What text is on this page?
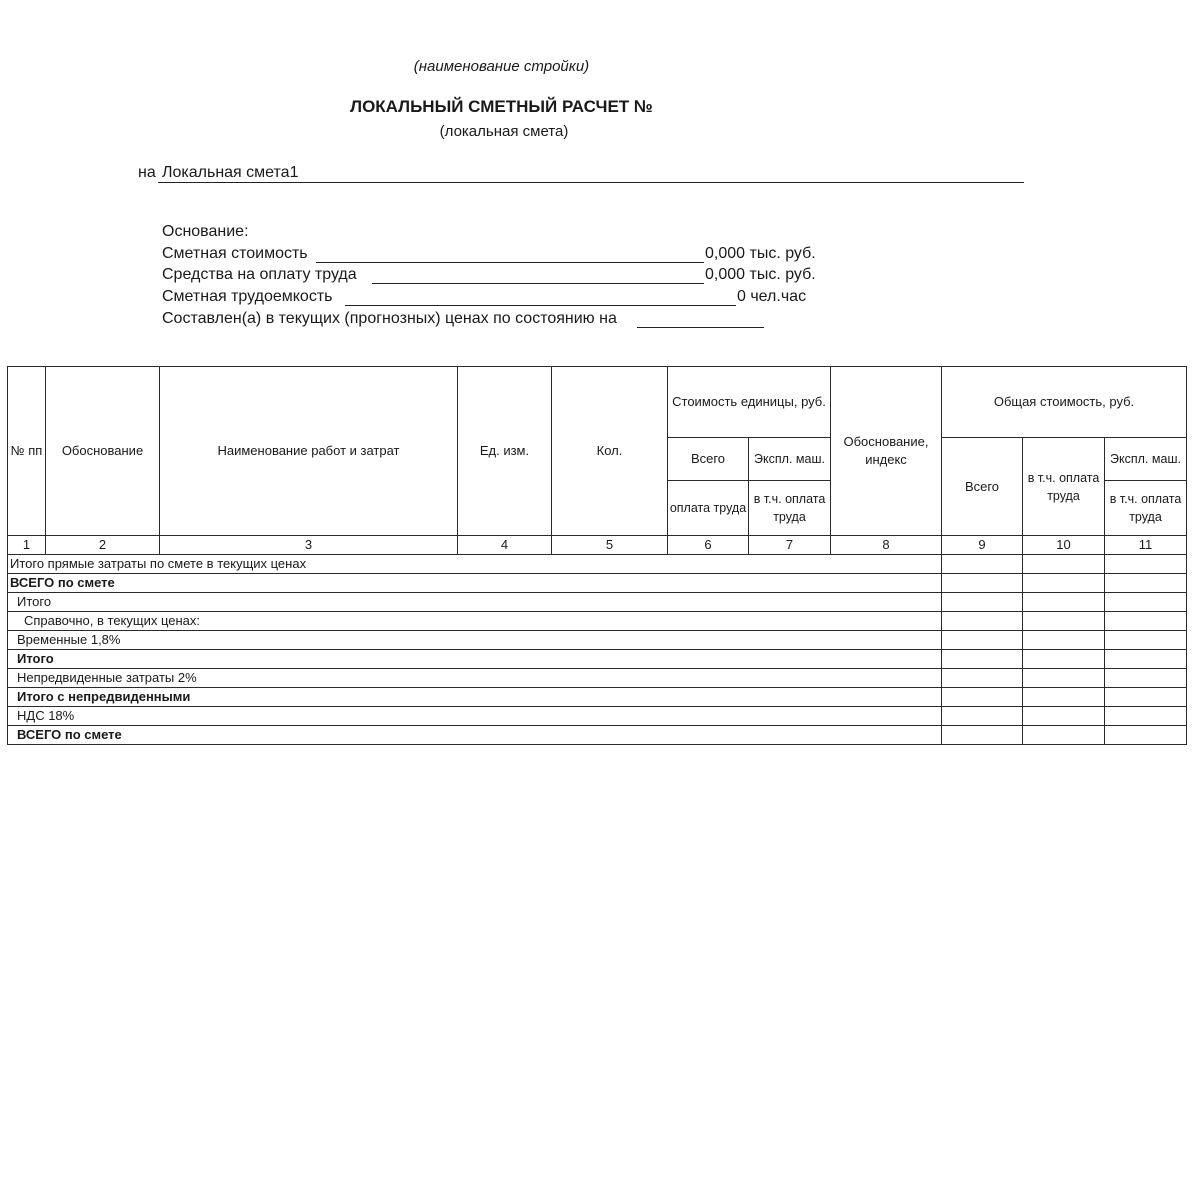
(наименование стройки)
ЛОКАЛЬНЫЙ СМЕТНЫЙ РАСЧЕТ №
(локальная смета)
на Локальная смета1
Основание:
Сметная стоимость	0,000 тыс. руб.
Средства на оплату труда	0,000 тыс. руб.
Сметная трудоемкость	0 чел.час
Составлен(а) в текущих (прогнозных) ценах по состоянию на
№ пп	Обоснование	Наименование работ и затрат	Ед. изм.	Кол.	Стоимость единицы, руб.		Обоснование, индекс	Общая стоимость, руб.		
					Всего	Экспл. маш.		Всего	в т.ч. оплата труда	Экспл. маш.
					оплата труда	в т.ч. оплата труда				в т.ч. оплата труда
1	2	3	4	5	6	7	8	9	10	11
Итого прямые затраты по смете в текущих ценах										
ВСЕГО по смете										
Итого										
Справочно, в текущих ценах:										
Временные 1,8%										
Итого										
Непредвиденные затраты 2%										
Итого с непредвиденными										
НДС 18%										
ВСЕГО по смете										
